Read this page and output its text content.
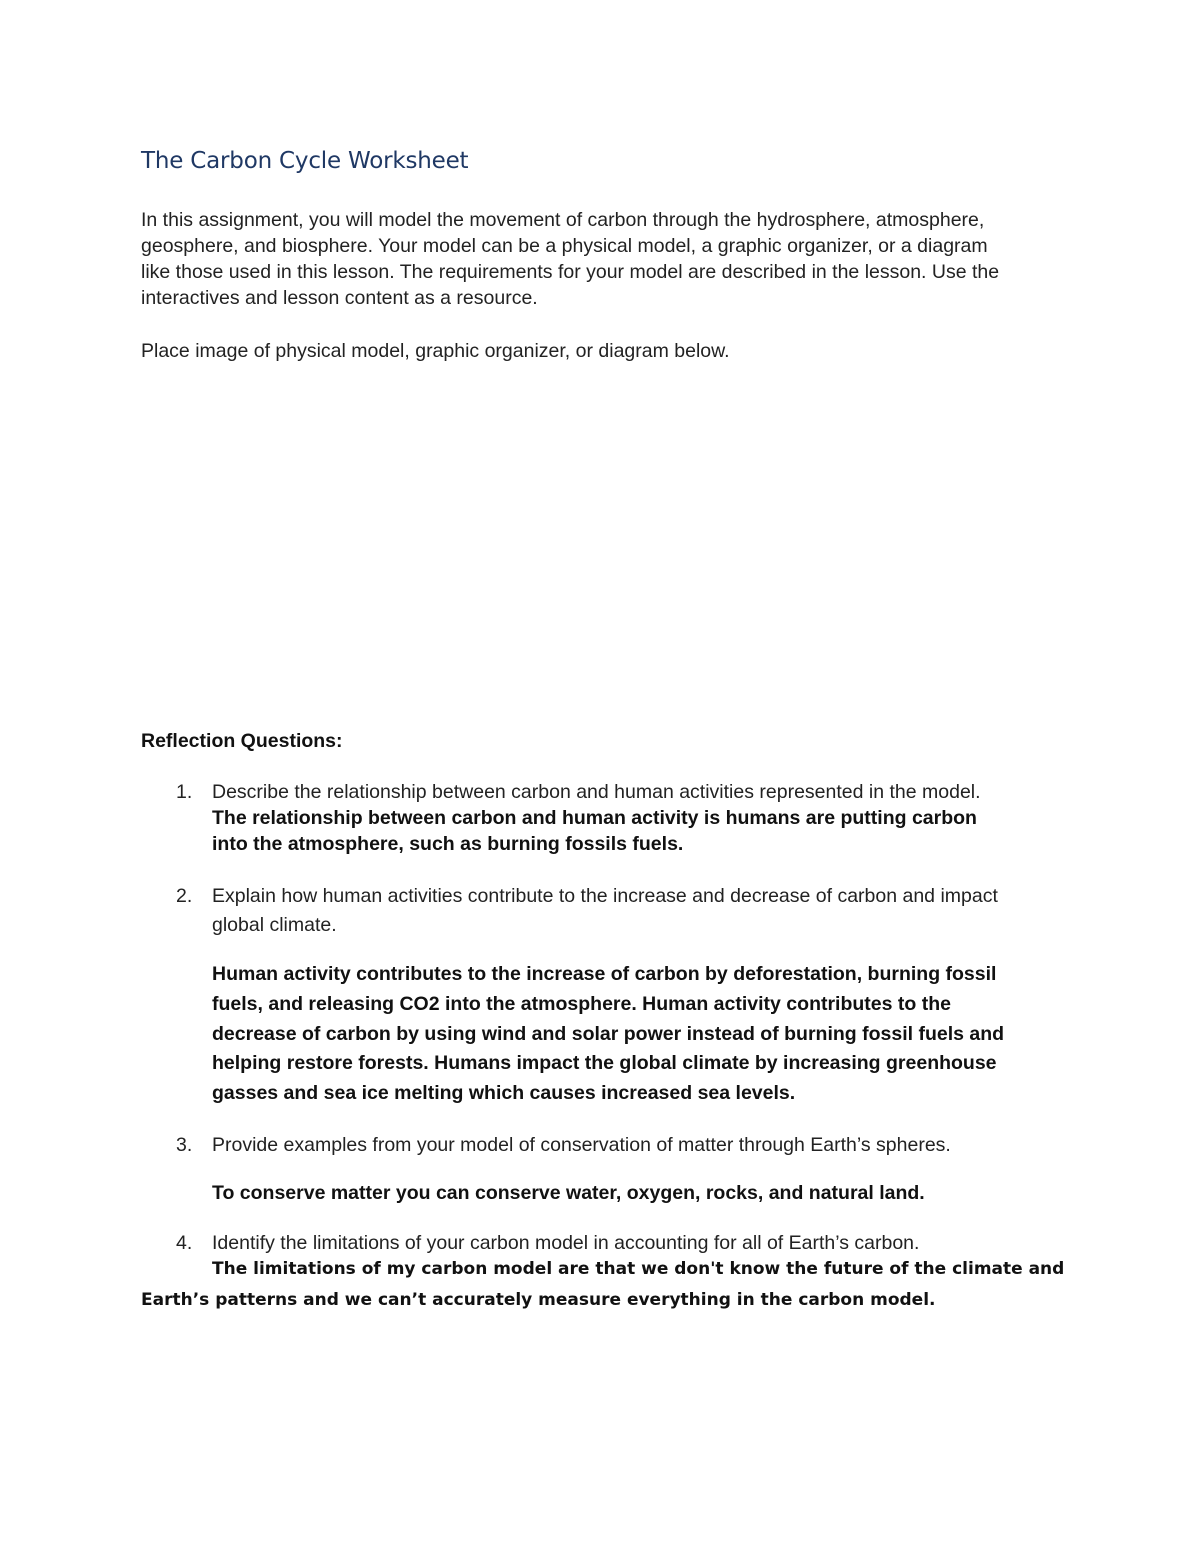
The Carbon Cycle Worksheet
In this assignment, you will model the movement of carbon through the hydrosphere, atmosphere,
geosphere, and biosphere. Your model can be a physical model, a graphic organizer, or a diagram
like those used in this lesson. The requirements for your model are described in the lesson. Use the
interactives and lesson content as a resource.
Place image of physical model, graphic organizer, or diagram below.
Reflection Questions:
1. Describe the relationship between carbon and human activities represented in the model.
The relationship between carbon and human activity is humans are putting carbon
into the atmosphere, such as burning fossils fuels.
2. Explain how human activities contribute to the increase and decrease of carbon and impact
global climate.
Human activity contributes to the increase of carbon by deforestation, burning fossil
fuels, and releasing CO2 into the atmosphere. Human activity contributes to the
decrease of carbon by using wind and solar power instead of burning fossil fuels and
helping restore forests. Humans impact the global climate by increasing greenhouse
gasses and sea ice melting which causes increased sea levels.
3. Provide examples from your model of conservation of matter through Earth’s spheres.
To conserve matter you can conserve water, oxygen, rocks, and natural land.
4. Identify the limitations of your carbon model in accounting for all of Earth’s carbon.
The limitations of my carbon model are that we don't know the future of the climate and
Earth’s patterns and we can’t accurately measure everything in the carbon model.
